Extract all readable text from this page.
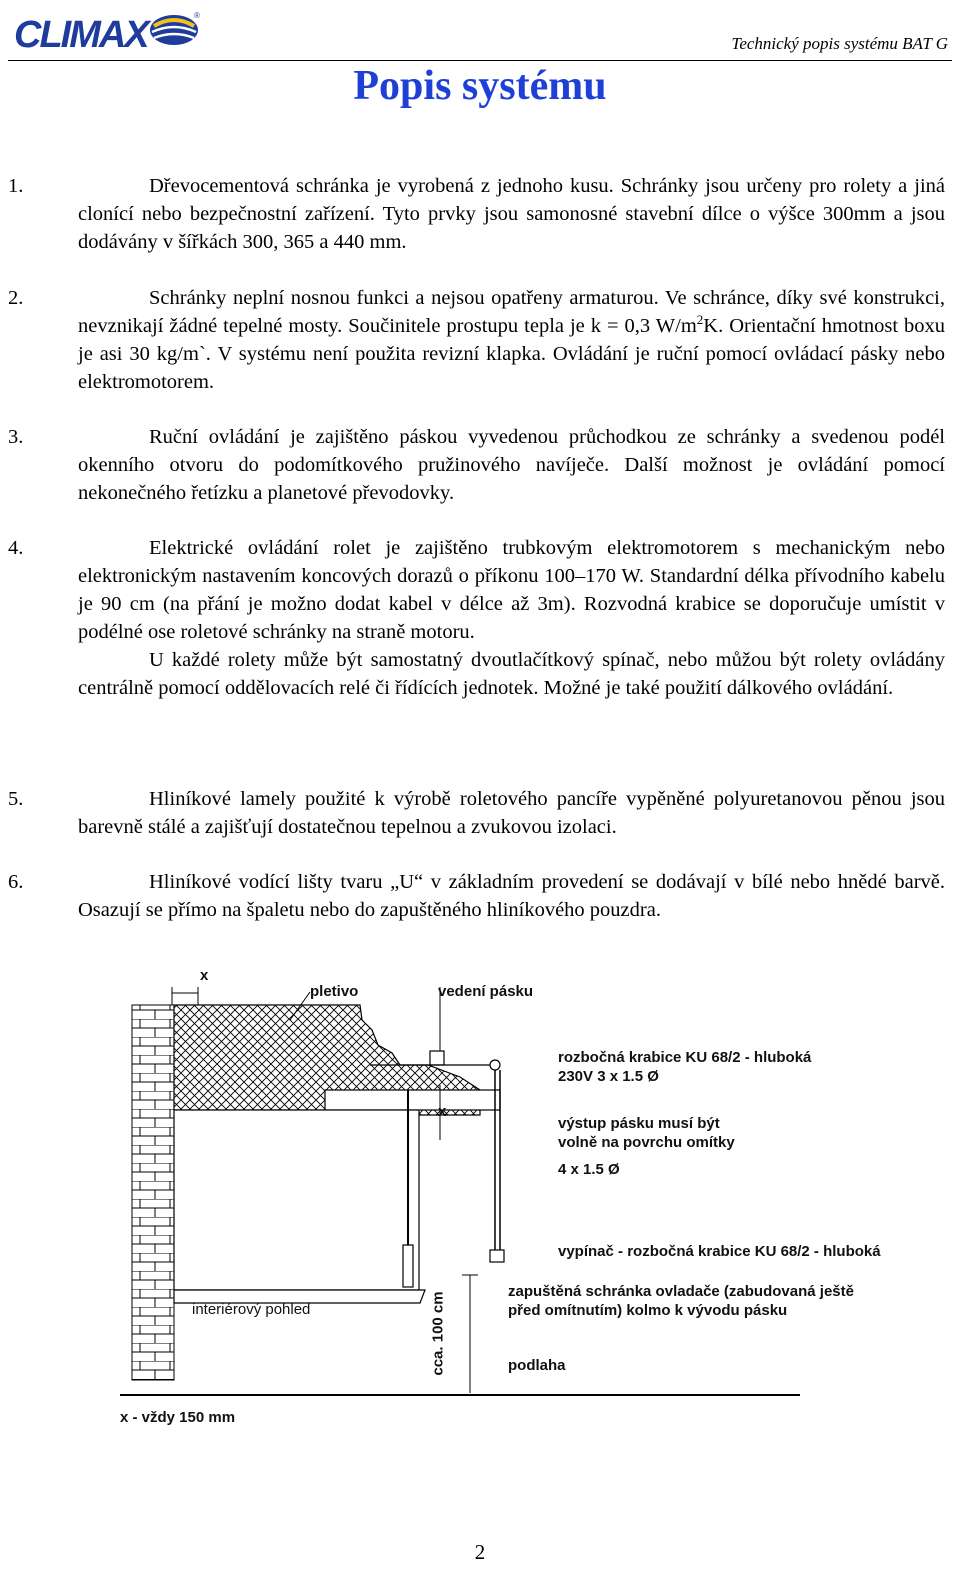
CLIMAX	®
Technický popis systému BAT G
Popis systému
1.	Dřevocementová schránka je vyrobená z jednoho kusu. Schránky jsou určeny pro rolety a jiná clonící nebo bezpečnostní zařízení. Tyto prvky jsou samonosné stavební dílce o výšce 300mm a jsou dodávány v šířkách 300, 365 a 440 mm.
2.	Schránky neplní nosnou funkci a nejsou opatřeny armaturou. Ve schránce, díky své konstrukci, nevznikají žádné tepelné mosty. Součinitele prostupu tepla je k = 0,3 $W/m^2K$. Orientační hmotnost boxu je asi 30 kg/m`. V systému není použita revizní klapka. Ovládání je ruční pomocí ovládací pásky nebo elektromotorem.
3.	Ruční ovládání je zajištěno páskou vyvedenou průchodkou ze schránky a svedenou podél okenního otvoru do podomítkového pružinového navíječe. Další možnost je ovládání pomocí nekonečného řetízku a planetové převodovky.
4.	Elektrické ovládání rolet je zajištěno trubkovým elektromotorem s mechanickým nebo elektronickým nastavením koncových dorazů o příkonu 100–170 W. Standardní délka přívodního kabelu je 90 cm (na přání je možno dodat kabel v délce až 3m). Rozvodná krabice se doporučuje umístit v podélné ose roletové schránky na straně motoru.
U každé rolety může být samostatný dvoutlačítkový spínač, nebo můžou být rolety ovládány centrálně pomocí oddělovacích relé či řídících jednotek. Možné je také použití dálkového ovládání.
5.	Hliníkové lamely použité k výrobě roletového pancíře vypěněné polyuretanovou pěnou jsou barevně stálé a zajišťují dostatečnou tepelnou a zvukovou izolaci.
6.	Hliníkové vodící lišty tvaru „U“ v základním provedení se dodávají v bílé nebo hnědé barvě. Osazují se přímo na špaletu nebo do zapuštěného hliníkového pouzdra.
x
pletivo	vedení pásku
rozbočná krabice KU 68/2 - hluboká
230V 3 x 1.5 Ø
x
výstup pásku musí být
volně na povrchu omítky
4 x 1.5 Ø
vypínač - rozbočná krabice KU 68/2 - hluboká
zapuštěná schránka ovladače (zabudovaná ještě
před omítnutím) kolmo k vývodu pásku
interiérový pohled	cca. 100 cm	podlaha
x - vždy 150 mm
2
